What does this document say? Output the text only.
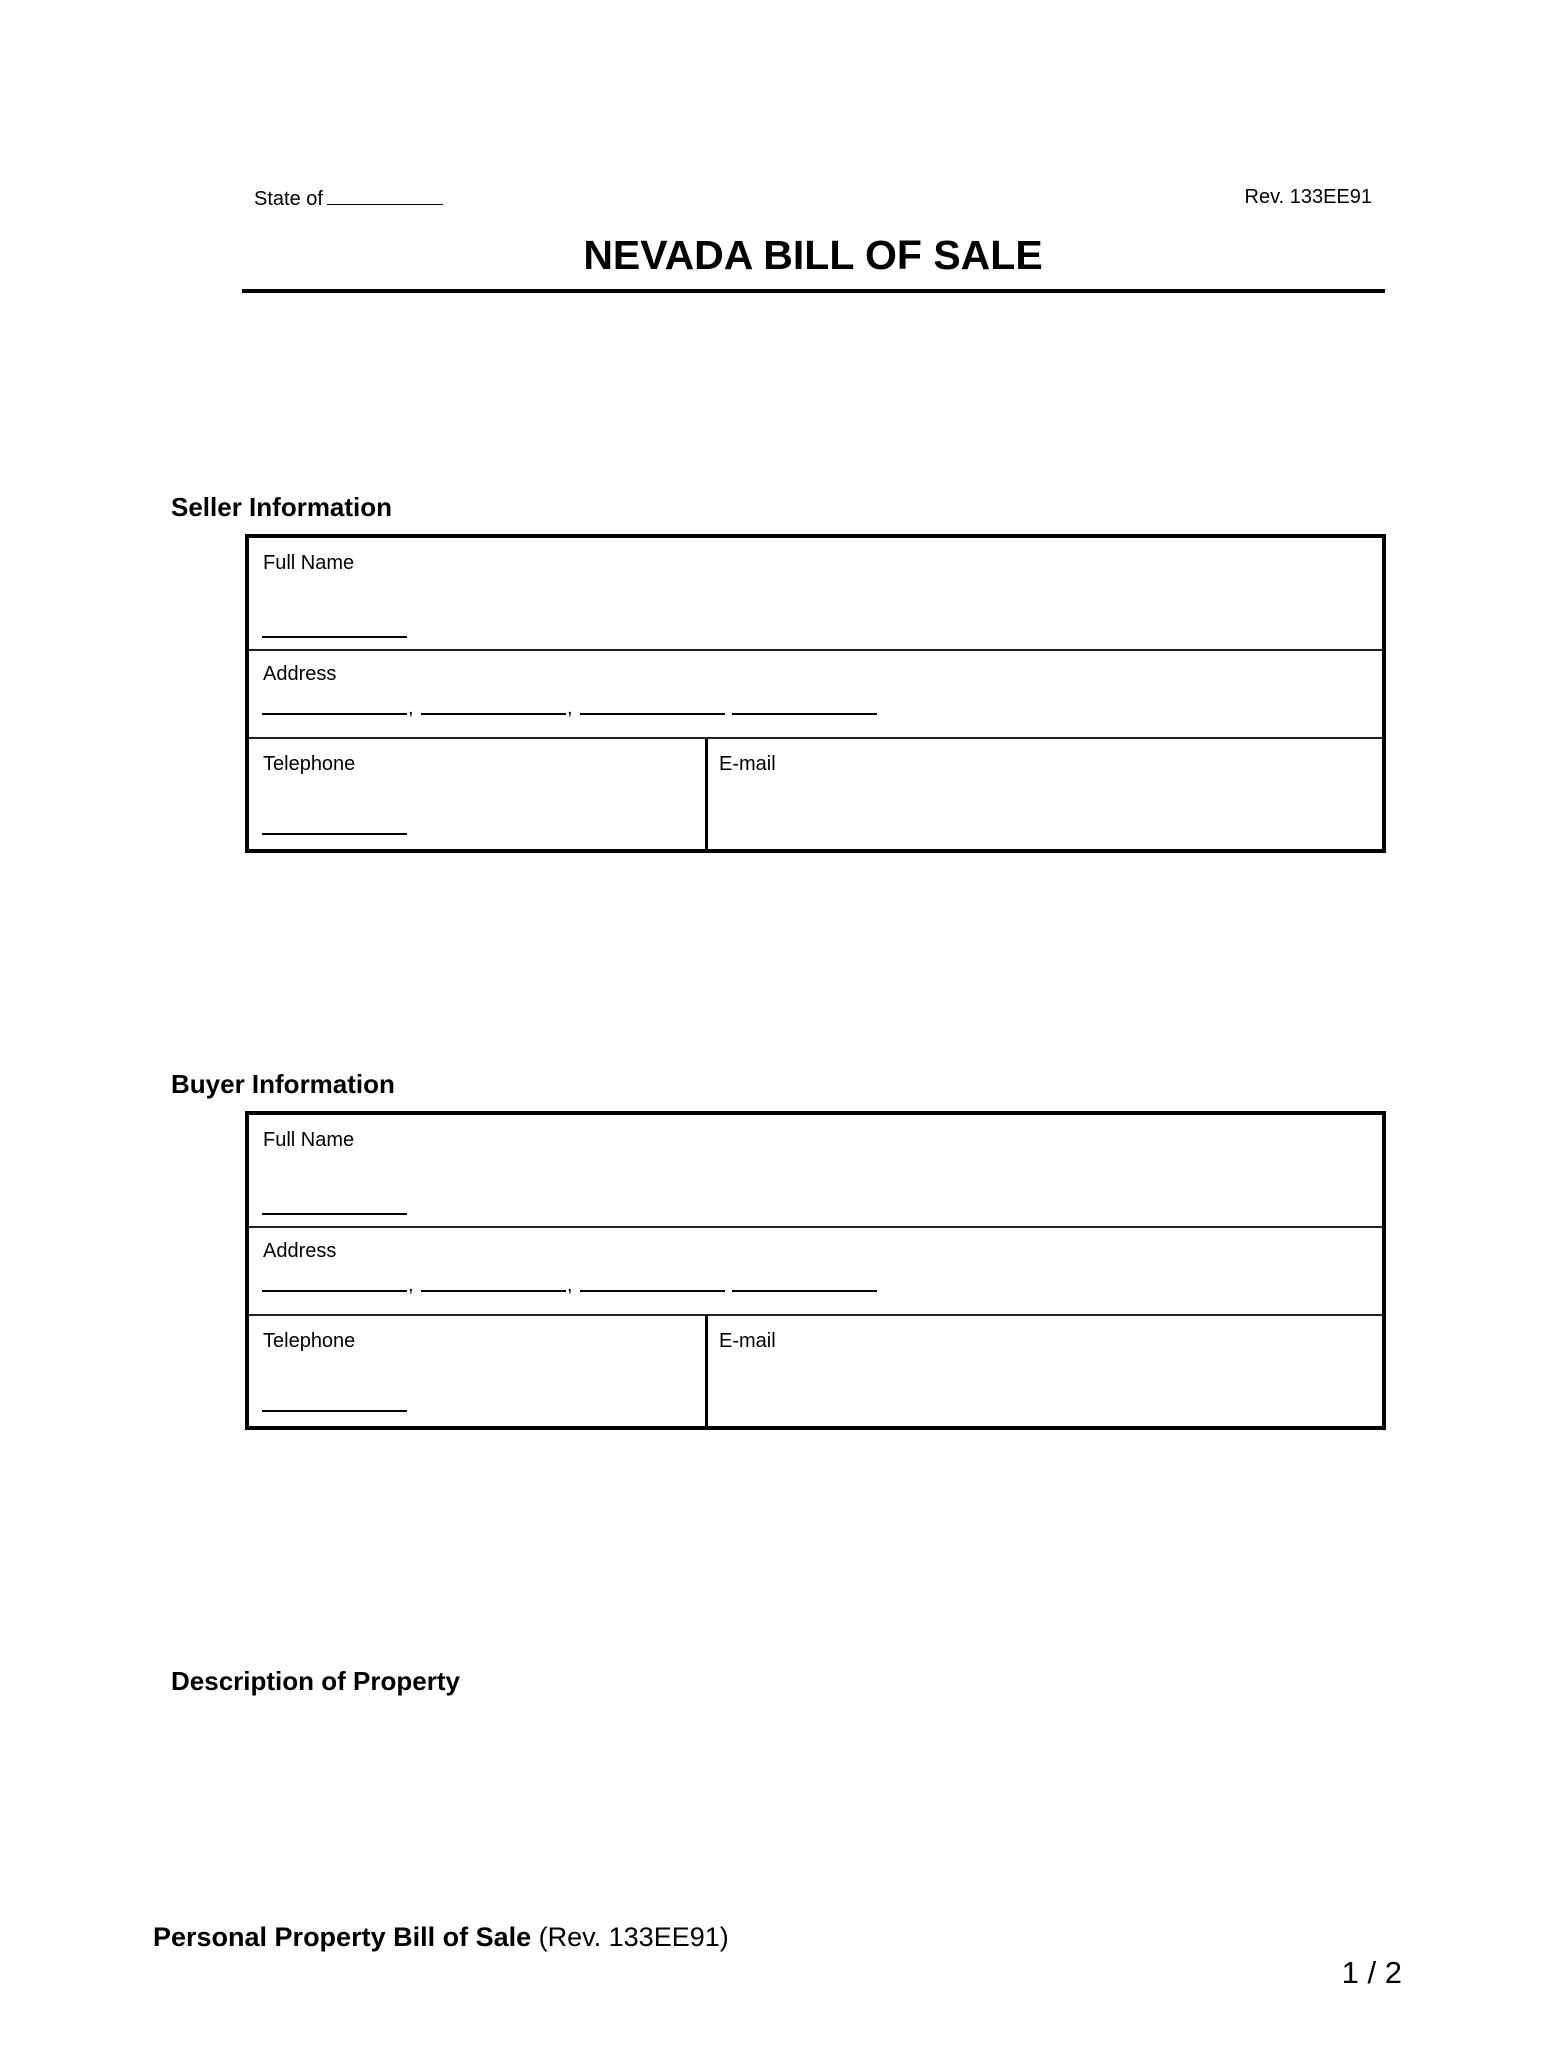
State of	Rev. 133EE91
NEVADA BILL OF SALE
Seller Information
Full Name
Address
,	,
Telephone	E-mail
Buyer Information
Full Name
Address
,	,
Telephone	E-mail
Description of Property
Personal Property Bill of Sale (Rev. 133EE91)
1 / 2
